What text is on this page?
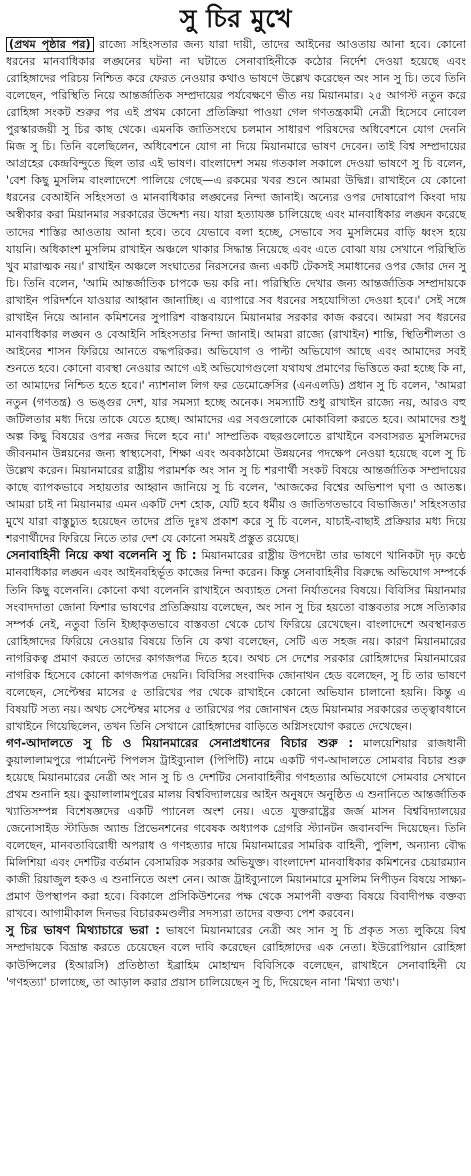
সু চির মুখে

(প্রথম পৃষ্ঠার পর) রাজ্যে সহিংসতার জন্য যারা দায়ী, তাদের আইনের আওতায় আনা হবে। কোনো ধরনের মানবাধিকার লঙ্ঘনের ঘটনা না ঘটাতে সেনাবাহিনীকে কঠোর নির্দেশ দেওয়া হয়েছে এবং রোহিঙ্গাদের পরিচয় নিশ্চিত করে ফেরত নেওয়ার কথাও ভাষণে উল্লেখ করেছেন অং সান সু চি। তবে তিনি বলেছেন, পরিস্থিতি নিয়ে আন্তর্জাতিক সম্প্রদায়ের পর্যবেক্ষণে ভীত নয় মিয়ানমার। ২৫ আগস্ট নতুন করে রোহিঙ্গা সংকট শুরুর পর এই প্রথম কোনো প্রতিক্রিয়া পাওয়া গেল গণতন্ত্রকামী নেত্রী হিসেবে নোবেল পুরস্কারজয়ী সু চির কাছ থেকে। এমনকি জাতিসংঘে চলমান সাধারণ পরিষদের অধিবেশনে যোগ দেননি মিজ সু চি। তিনি বলেছিলেন, অধিবেশনে যোগ না দিয়ে মিয়ানমারে ভাষণ দেবেন। তাই বিশ্ব সম্প্রদায়ের আগ্রহের কেন্দ্রবিন্দুতে ছিল তার এই ভাষণ। বাংলাদেশ সময় গতকাল সকালে দেওয়া ভাষণে সু চি বলেন, 'বেশ কিছু মুসলিম বাংলাদেশে পালিয়ে গেছে—এ রকমের খবর শুনে আমরা উদ্বিগ্ন। রাখাইনে যে কোনো ধরনের বেআইনি সহিংসতা ও মানবাধিকার লঙ্ঘনের নিন্দা জানাই। অন্যের ওপর দোষারোপ কিংবা দায় অস্বীকার করা মিয়ানমার সরকারের উদ্দেশ্য নয়। যারা হত্যাযজ্ঞ চালিয়েছে এবং মানবাধিকার লঙ্ঘন করেছে তাদের শাস্তির আওতায় আনা হবে। তবে যেভাবে বলা হচ্ছে, সেভাবে সব মুসলিমের বাড়ি ধ্বংস হয়ে যায়নি। অধিকাংশ মুসলিম রাখাইন অঞ্চলে থাকার সিদ্ধান্ত নিয়েছে এবং এতে বোঝা যায় সেখানে পরিস্থিতি খুব মারাত্মক নয়।' রাখাইন অঞ্চলে সংঘাতের নিরসনের জন্য একটি টেকসই সমাধানের ওপর জোর দেন সু চি। তিনি বলেন, 'আমি আন্তর্জাতিক চাপকে ভয় করি না। পরিস্থিতি দেখার জন্য আন্তর্জাতিক সম্প্রদায়কে রাখাইন পরিদর্শনে যাওয়ার আহ্বান জানাচ্ছি। এ ব্যাপারে সব ধরনের সহযোগিতা দেওয়া হবে।' সেই সঙ্গে রাখাইন নিয়ে আনান কমিশনের সুপারিশ বাস্তবায়নে মিয়ানমার সরকার কাজ করবে। আমরা সব ধরনের মানবাধিকার লঙ্ঘন ও বেআইনি সহিংসতার নিন্দা জানাই। আমরা রাজ্যে (রাখাইন) শান্তি, স্থিতিশীলতা ও আইনের শাসন ফিরিয়ে আনতে বদ্ধপরিকর। অভিযোগ ও পাল্টা অভিযোগ আছে এবং আমাদের সবই শুনতে হবে। কোনো ব্যবস্থা নেওয়ার আগে এই অভিযোগগুলো যথাযথ প্রমাণের ভিত্তিতে করা হচ্ছে কি না, তা আমাদের নিশ্চিত হতে হবে।' ন্যাশনাল লিগ ফর ডেমোক্রেসির (এনএলডি) প্রধান সু চি বলেন, 'আমরা নতুন (গণতন্ত্র) ও ভঙ্গুর দেশ, যার সমস্যা হচ্ছে অনেক। সমস্যাটি শুধু রাখাইন রাজ্যে নয়, আরও বহু জটিলতার মধ্য দিয়ে তাকে যেতে হচ্ছে। আমাদের এর সবগুলোকে মোকাবিলা করতে হবে। আমাদের শুধু অল্প কিছু বিষয়ের ওপর নজর দিলে হবে না।' সাম্প্রতিক বছরগুলোতে রাখাইনে বসবাসরত মুসলিমদের জীবনমান উন্নয়নের জন্য স্বাস্থ্যসেবা, শিক্ষা এবং অবকাঠামো উন্নয়নের পদক্ষেপ নেওয়া হয়েছে বলে সু চি উল্লেখ করেন। মিয়ানমারের রাষ্ট্রীয় পরামর্শক অং সান সু চি শরণার্থী সংকট বিষয়ে আন্তর্জাতিক সম্প্রদায়ের কাছে ব্যাপকভাবে সহায়তার আহ্বান জানিয়ে সু চি বলেন, 'আজকের বিশ্বের অভিশাপ ঘৃণা ও আতঙ্ক। আমরা চাই না মিয়ানমার এমন একটি দেশ হোক, যেটি হবে ধর্মীয় ও জাতিগতভাবে বিভাজিত।' সহিংসতার মুখে যারা বাস্তুচ্যুত হয়েছেন তাদের প্রতি দুঃখ প্রকাশ করে সু চি বলেন, যাচাই-বাছাই প্রক্রিয়ার মধ্য দিয়ে শরণার্থীদের ফিরিয়ে নিতে তার দেশ যে কোনো সময়ই প্রস্তুত রয়েছে।

সেনাবাহিনী নিয়ে কথা বলেননি সু চি : মিয়ানমারের রাষ্ট্রীয় উপদেষ্টা তার ভাষণে খানিকটা দৃঢ় কণ্ঠে মানবাধিকার লঙ্ঘন এবং আইনবহির্ভূত কাজের নিন্দা করেন। কিন্তু সেনাবাহিনীর বিরুদ্ধে অভিযোগ সম্পর্কে তিনি কিছু বলেননি। কোনো কথা বলেননি রাখাইনে অব্যাহত সেনা নির্যাতনের বিষয়ে। বিবিসির মিয়ানমার সংবাদদাতা জোনা ফিশার ভাষণের প্রতিক্রিয়ায় বলেছেন, অং সান সু চির হয়তো বাস্তবতার সঙ্গে সত্যিকার সম্পর্ক নেই, নতুবা তিনি ইচ্ছাকৃতভাবে বাস্তবতা থেকে চোখ ফিরিয়ে রেখেছেন। বাংলাদেশে অবস্থানরত রোহিঙ্গাদের ফিরিয়ে নেওয়ার বিষয়ে তিনি যে কথা বলেছেন, সেটি এত সহজ নয়। কারণ মিয়ানমারের নাগরিকত্ব প্রমাণ করতে তাদের কাগজপত্র দিতে হবে। অথচ সে দেশের সরকার রোহিঙ্গাদের মিয়ানমারের নাগরিক হিসেবে কোনো কাগজপত্র দেয়নি। বিবিসির সংবাদিক জোনাথন হেড বলেছেন, সু চি তার ভাষণে বলেছেন, সেপ্টেম্বর মাসের ৫ তারিখের পর থেকে রাখাইনে কোনো অভিযান চালানো হয়নি। কিন্তু এ বিষয়টি সত্য নয়। অথচ সেপ্টেম্বর মাসের ৫ তারিখের পর জোনাথন হেড মিয়ানমার সরকারের তত্ত্বাবধানে রাখাইনে গিয়েছিলেন, তখন তিনি সেখানে রোহিঙ্গাদের বাড়িতে অগ্নিসংযোগ করতে দেখেছেন।

গণ-আদালতে সু চি ও মিয়ানমারের সেনাপ্রধানের বিচার শুরু : মালয়েশিয়ার রাজধানী কুয়ালালামপুরে পার্মানেন্ট পিপলস ট্রাইব্যুনাল (পিপিটি) নামে একটি গণ-আদালতে সোমবার বিচার শুরু হয়েছে মিয়ানমারের নেত্রী অং সান সু চি ও দেশটির সেনাবাহিনীর গণহত্যার অভিযোগে সোমবার সেখানে প্রথম শুনানি হয়। কুয়ালালামপুরের মালয় বিশ্ববিদ্যালয়ের আইন অনুষদে অনুষ্ঠিত এ শুনানিতে আন্তর্জাতিক খ্যাতিসম্পন্ন বিশেষজ্ঞদের একটি প্যানেল অংশ নেয়। এতে যুক্তরাষ্ট্রের জর্জ মাসন বিশ্ববিদ্যালয়ের জেনোসাইড স্টাডিজ অ্যান্ড প্রিভেনশনের গবেষক অধ্যাপক গ্রেগরি স্ট্যানটন জবানবন্দি দিয়েছেন। তিনি বলেছেন, মানবতাবিরোধী অপরাধ ও গণহত্যার দায়ে মিয়ানমারের সামরিক বাহিনী, পুলিশ, অন্যান্য বৌদ্ধ মিলিশিয়া এবং দেশটির বর্তমান বেসামরিক সরকার অভিযুক্ত। বাংলাদেশ মানবাধিকার কমিশনের চেয়ারম্যান কাজী রিয়াজুল হকও এ শুনানিতে অংশ নেন। আজ ট্রাইব্যুনালে মিয়ানমারে মুসলিম নিপীড়ন বিষয়ে সাক্ষ্য-প্রমাণ উপস্থাপন করা হবে। বিকালে প্রসিকিউশনের পক্ষ থেকে সমাপনী বক্তব্য বিষয়ে বিবাদীপক্ষ বক্তব্য রাখবে। আগামীকাল দিনভর বিচারকমণ্ডলীর সদস্যরা তাদের বক্তব্য পেশ করবেন।

সু চির ভাষণ মিথ্যাচারে ভরা : ভাষণে মিয়ানমারের নেত্রী অং সান সু চি প্রকৃত সত্য লুকিয়ে বিশ্ব সম্প্রদায়কে বিভ্রান্ত করতে চেয়েছেন বলে দাবি করেছেন রোহিঙ্গাদের এক নেতা। ইউরোপিয়ান রোহিঙ্গা কাউন্সিলের (ইআরসি) প্রতিষ্ঠাতা ইব্রাহিম মোহাম্মদ বিবিসিকে বলেছেন, রাখাইনে সেনাবাহিনী যে 'গণহত্যা' চালাচ্ছে, তা আড়াল করার প্রয়াস চালিয়েছেন সু চি, দিয়েছেন নানা 'মিথ্যা তথ্য'।
